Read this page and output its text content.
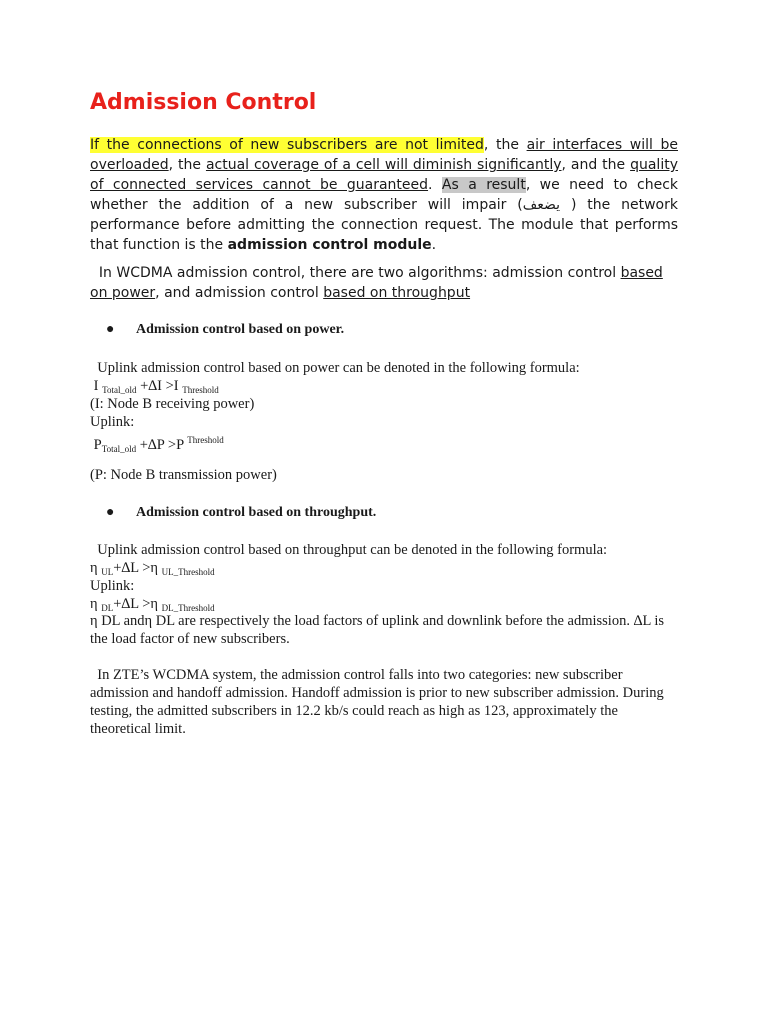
Admission Control
If the connections of new subscribers are not limited, the air interfaces will be overloaded, the actual coverage of a cell will diminish significantly, and the quality of connected services cannot be guaranteed. As a result, we need to check whether the addition of a new subscriber will impair (يضعف ) the network performance before admitting the connection request. The module that performs that function is the admission control module.
In WCDMA admission control, there are two algorithms: admission control based on power, and admission control based on throughput
● Admission control based on power.
Uplink admission control based on power can be denoted in the following formula:
I $_{Total\_old}$ +∆I >I $_{Threshold}$
(I: Node B receiving power)
Uplink:
$P_{Total\_old} +\Delta P >P$ $^{Threshold}$
(P: Node B transmission power)
● Admission control based on throughput.
Uplink admission control based on throughput can be denoted in the following formula:
η $_{UL}$+∆L >η $_{UL\_Threshold}$
Uplink:
η $_{DL}$+∆L >η $_{DL\_Threshold}$
η DL andη DL are respectively the load factors of uplink and downlink before the admission. ∆L is the load factor of new subscribers.
In ZTE’s WCDMA system, the admission control falls into two categories: new subscriber admission and handoff admission. Handoff admission is prior to new subscriber admission. During testing, the admitted subscribers in 12.2 kb/s could reach as high as 123, approximately the theoretical limit.
